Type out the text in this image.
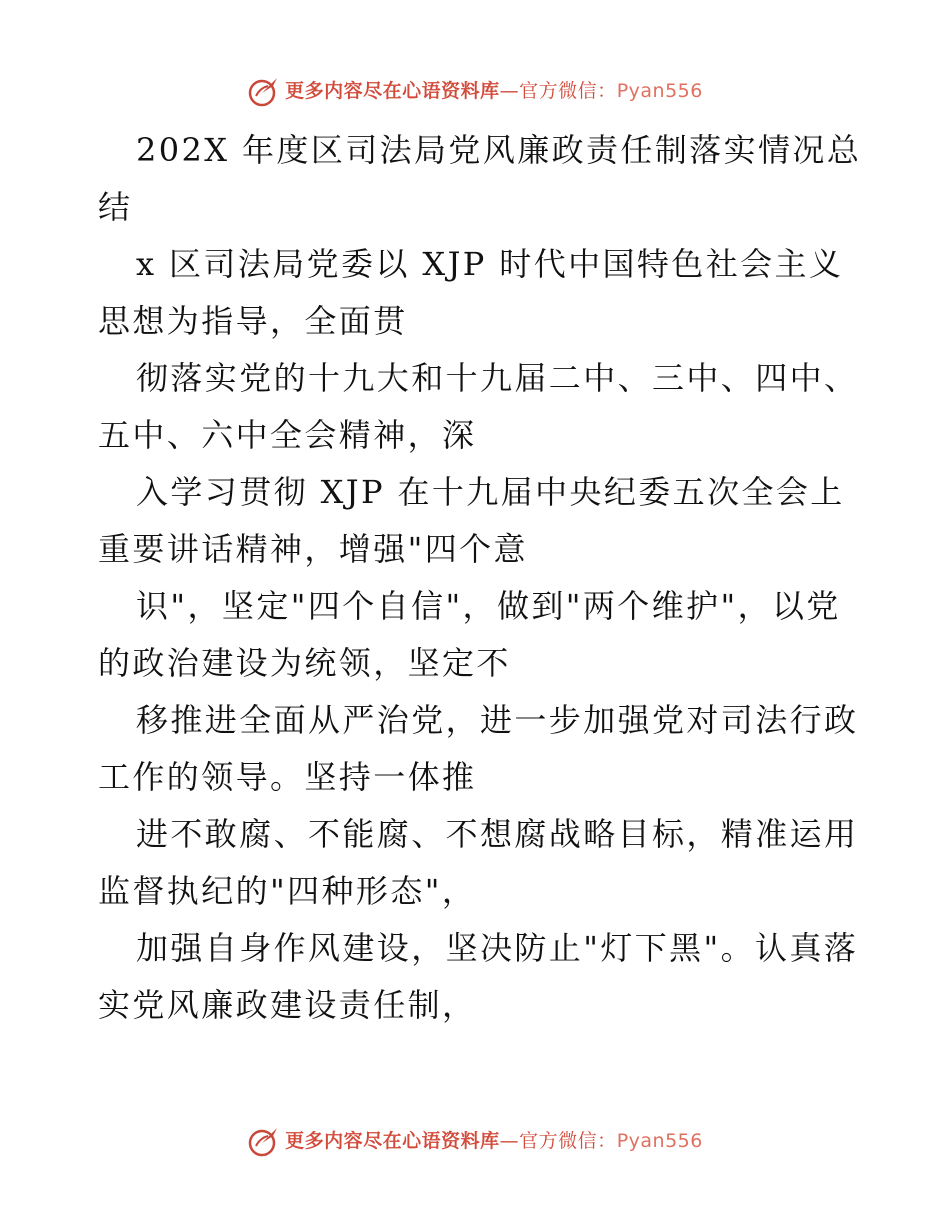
更多内容尽在心语资料库 —官方微信： Pyan556
202X 年度区司法局党风廉政责任制落实情况总
结
x 区司法局党委以 XJP 时代中国特色社会主义
思想为指导，全面贯
彻落实党的十九大和十九届二中、三中、四中、
五中、六中全会精神，深
入学习贯彻 XJP 在十九届中央纪委五次全会上
重要讲话精神，增强"四个意
识"，坚定"四个自信"，做到"两个维护"，以党
的政治建设为统领，坚定不
移推进全面从严治党，进一步加强党对司法行政
工作的领导。坚持一体推
进不敢腐、不能腐、不想腐战略目标，精准运用
监督执纪的"四种形态"，
加强自身作风建设，坚决防止"灯下黑"。认真落
实党风廉政建设责任制，
更多内容尽在心语资料库 —官方微信： Pyan556
